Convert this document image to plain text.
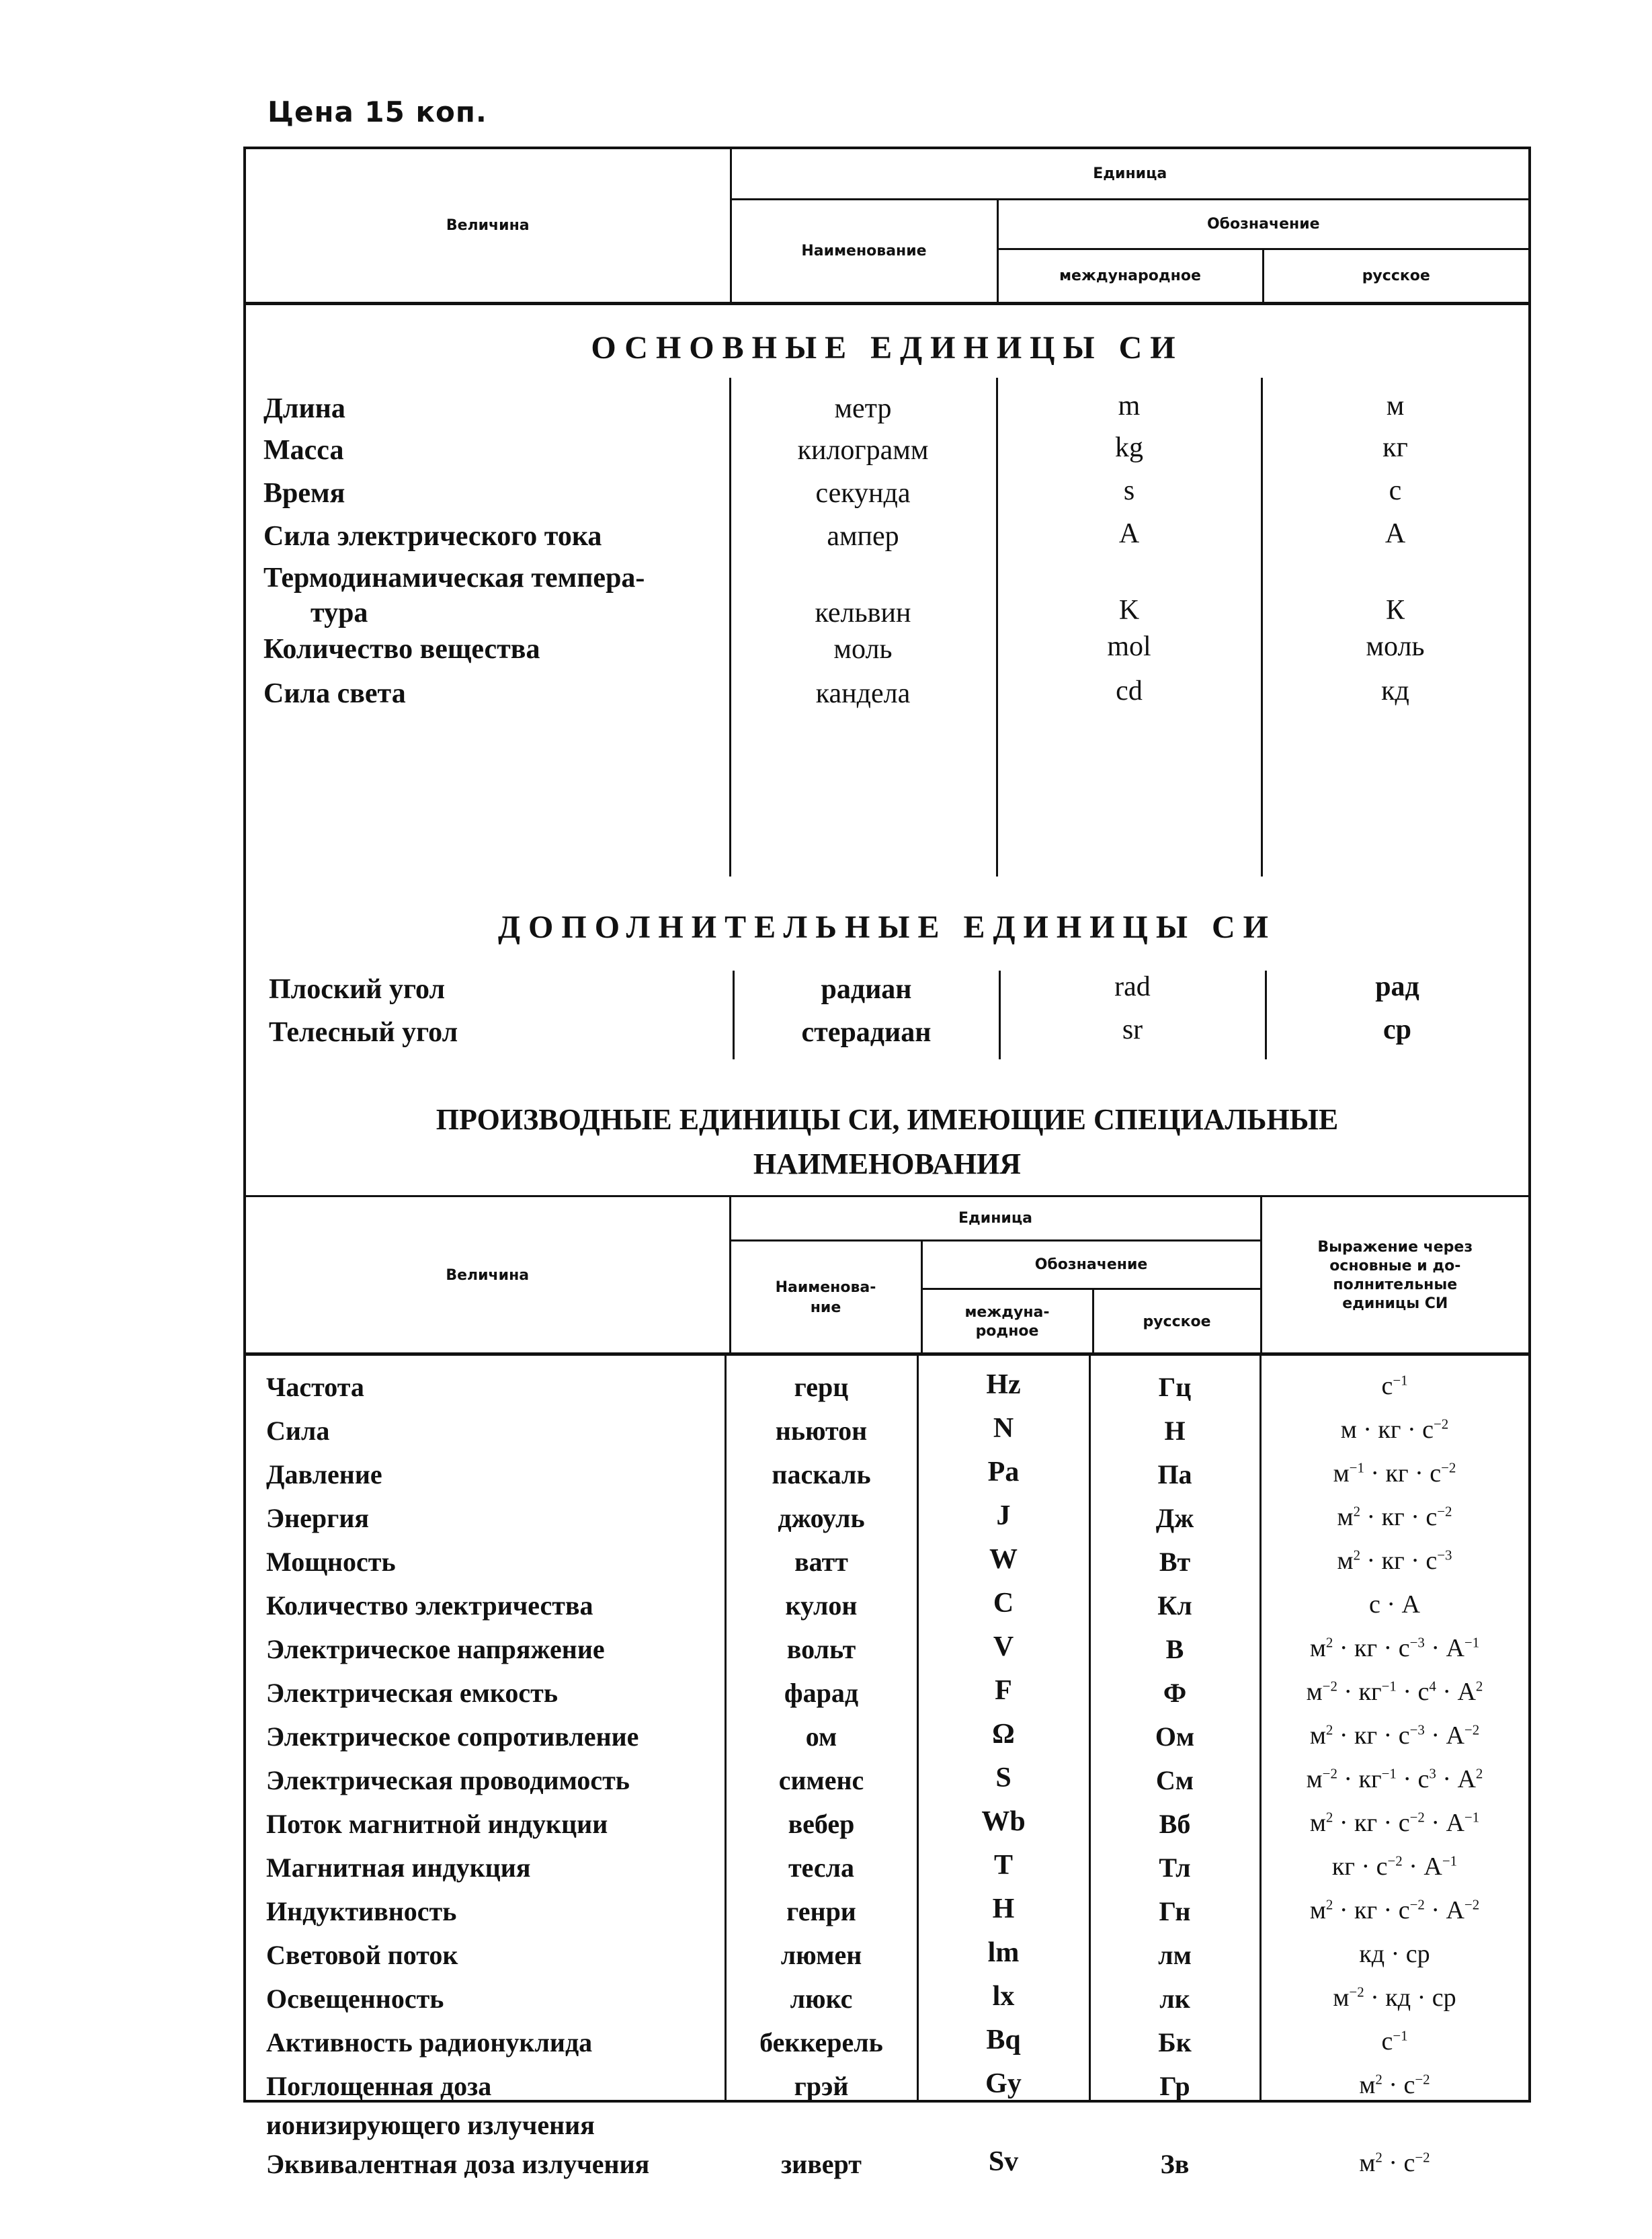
Цена 15 коп.
Величина	Единица		
	Наименование	Обозначение	
		международное	русское
ОСНОВНЫЕ ЕДИНИЦЫ СИ
Длина	метр	m	м
Масса	килограмм	kg	кг
Время	секунда	s	с
Сила электрического тока	ампер	A	А
Термодинамическая темпера-
тура	кельвин	K	К
Количество вещества	моль	mol	моль
Сила света	кандела	cd	кд
ДОПОЛНИТЕЛЬНЫЕ ЕДИНИЦЫ СИ
Плоский угол	радиан	rad	рад
Телесный угол	стерадиан	sr	ср
ПРОИЗВОДНЫЕ ЕДИНИЦЫ СИ, ИМЕЮЩИЕ СПЕЦИАЛЬНЫЕ
НАИМЕНОВАНИЯ
Величина	Единица			Выражение через
основные и до-
полнительные
единицы СИ

	Наименова-
ние	Обозначение		

		междуна-
родное	русское	
Частота	герц	Hz	Гц	$с^{-1}$
Сила	ньютон	N	Н	м · кг · $с^{-2}$
Давление	паскаль	Pa	Па	$м^{-1}$ · кг · $с^{-2}$
Энергия	джоуль	J	Дж	$м^2$ · кг · $с^{-2}$
Мощность	ватт	W	Вт	$м^2$ · кг · $с^{-3}$
Количество электричества	кулон	C	Кл	с · А
Электрическое напряжение	вольт	V	В	$м^2$ · кг · $с^{-3} \cdot А^{-1}$
Электрическая емкость	фарад	F	Ф	$м^{-2} \cdot кг^{-1} \cdot с^4 \cdot А^2$
Электрическое сопротивление	ом	Ω	Ом	$м^2$ · кг · $с^{-3} \cdot А^{-2}$
Электрическая проводимость	сименс	S	См	$м^{-2} \cdot кг^{-1} \cdot с^3 \cdot А^2$
Поток магнитной индукции	вебер	Wb	Вб	$м^2$ · кг · $с^{-2} \cdot А^{-1}$
Магнитная индукция	тесла	T	Тл	кг · $с^{-2} \cdot А^{-1}$
Индуктивность	генри	H	Гн	$м^2$ · кг · $с^{-2} \cdot А^{-2}$
Световой поток	люмен	lm	лм	кд · ср
Освещенность	люкс	lx	лк	$м^{-2}$ · кд · ср
Активность радионуклида	беккерель	Bq	Бк	$с^{-1}$
Поглощенная доза
ионизирующего излучения
грэй	Gy	Гр	$м^2 \cdot с^{-2}$
Эквивалентная доза излучения	зиверт	Sv	Зв	$м^2 \cdot с^{-2}$
